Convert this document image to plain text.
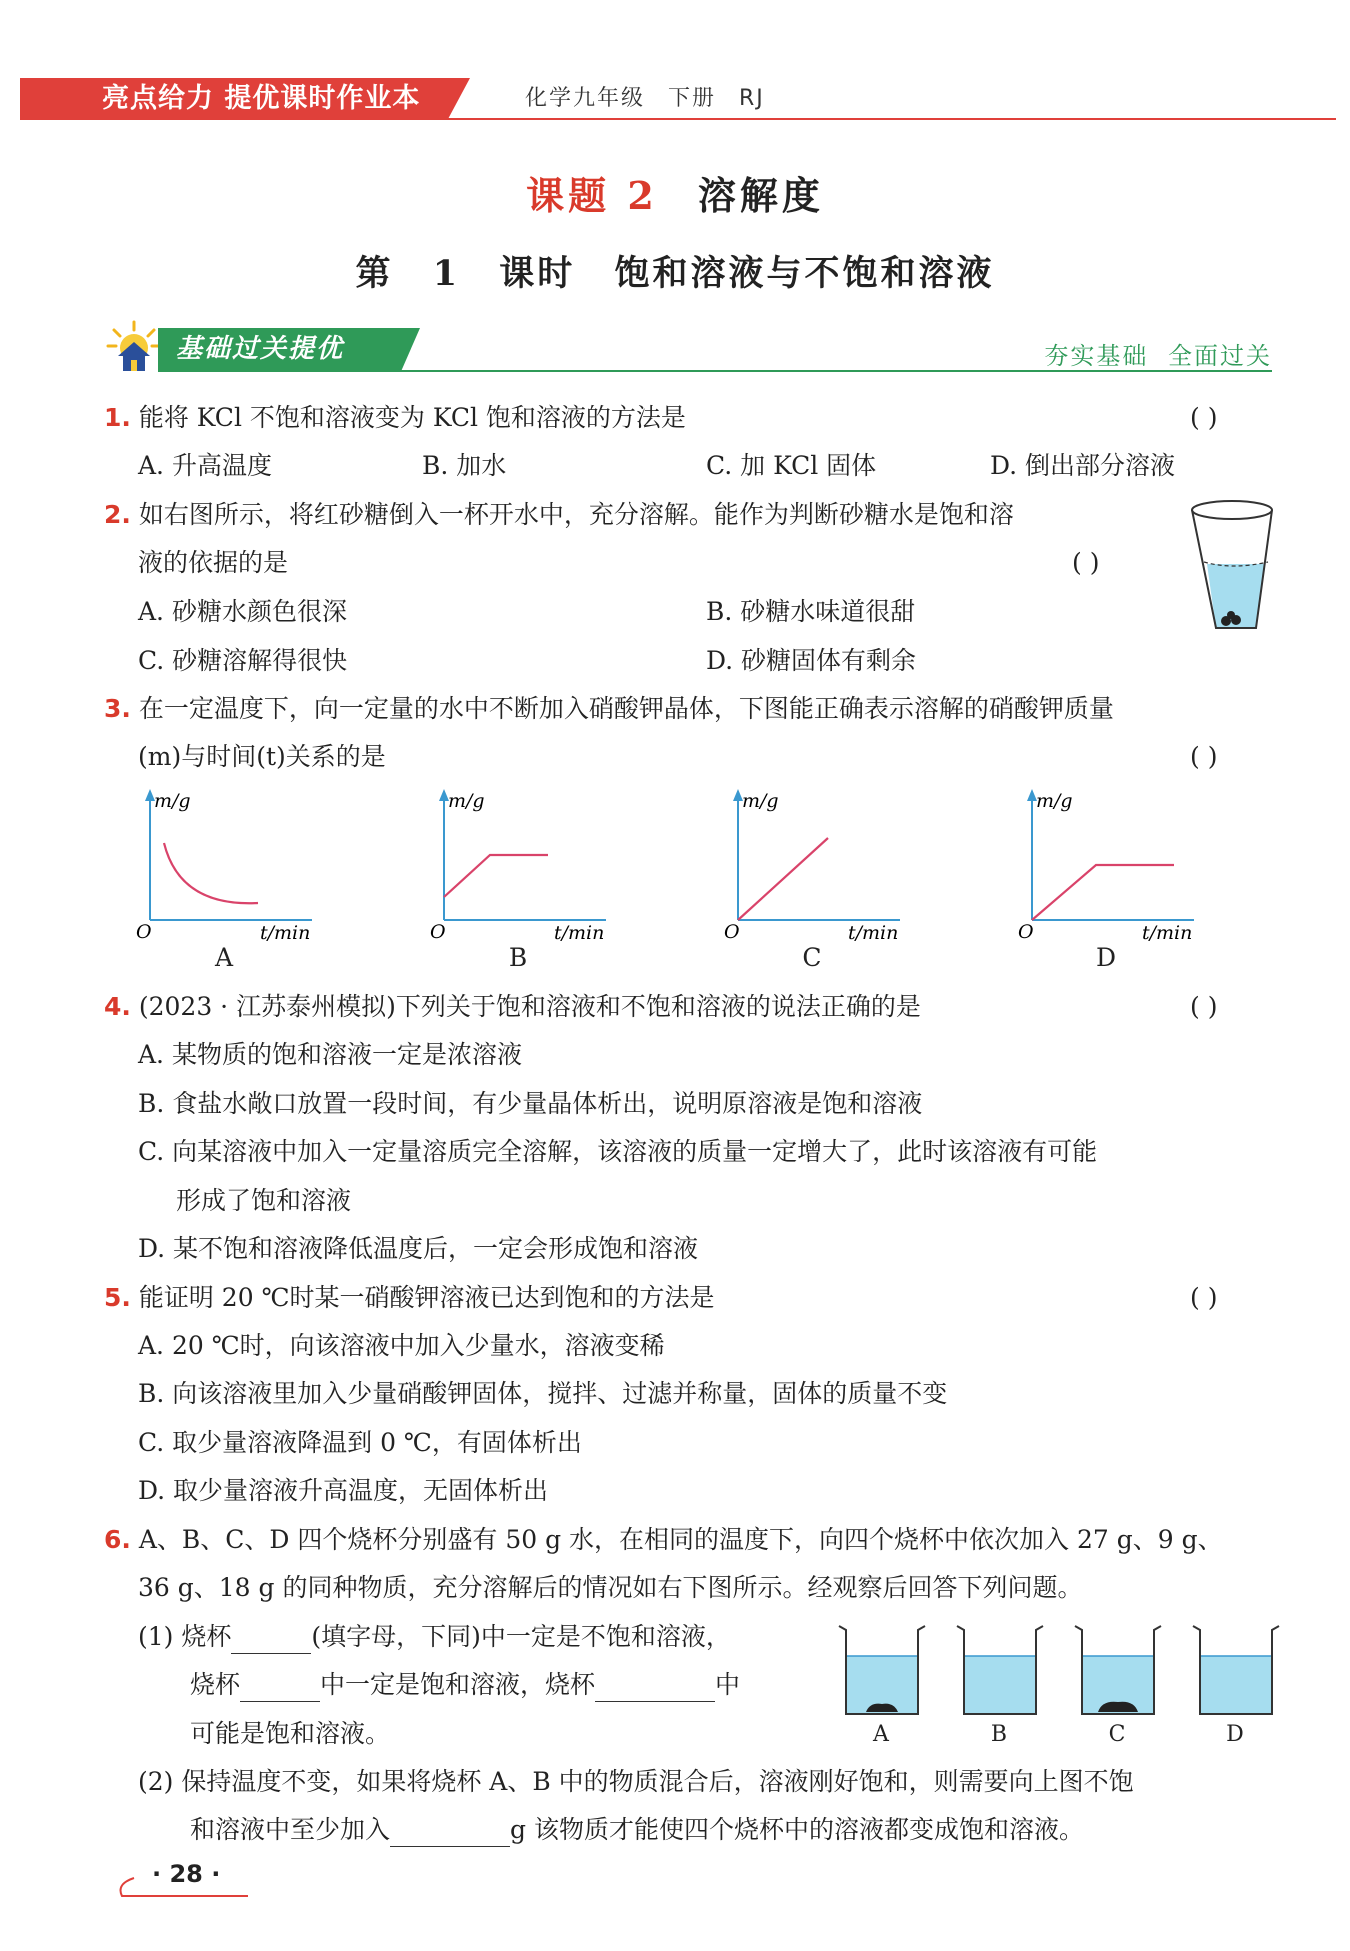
亮点给力 提优课时作业本	化学九年级 下册 RJ
课题 2 溶解度
第 1 课时 饱和溶液与不饱和溶液
基础过关提优	夯实基础 全面过关
1. 能将 KCl 不饱和溶液变为 KCl 饱和溶液的方法是	( )
A. 升高温度	B. 加水	C. 加 KCl 固体	D. 倒出部分溶液
2. 如右图所示，将红砂糖倒入一杯开水中，充分溶解。能作为判断砂糖水是饱和溶
液的依据的是	( )
A. 砂糖水颜色很深	B. 砂糖水味道很甜
C. 砂糖溶解得很快	D. 砂糖固体有剩余
3. 在一定温度下，向一定量的水中不断加入硝酸钾晶体，下图能正确表示溶解的硝酸钾质量
(m)与时间(t)关系的是	( )
m/g
O	t/min
A
m/g
O	t/min
B
m/g
O	t/min
C
m/g
O	t/min
D
4. (2023 · 江苏泰州模拟)下列关于饱和溶液和不饱和溶液的说法正确的是	( )
A. 某物质的饱和溶液一定是浓溶液
B. 食盐水敞口放置一段时间，有少量晶体析出，说明原溶液是饱和溶液
C. 向某溶液中加入一定量溶质完全溶解，该溶液的质量一定增大了，此时该溶液有可能
形成了饱和溶液
D. 某不饱和溶液降低温度后，一定会形成饱和溶液
5. 能证明 20 ℃时某一硝酸钾溶液已达到饱和的方法是	( )
A. 20 ℃时，向该溶液中加入少量水，溶液变稀
B. 向该溶液里加入少量硝酸钾固体，搅拌、过滤并称量，固体的质量不变
C. 取少量溶液降温到 0 ℃，有固体析出
D. 取少量溶液升高温度，无固体析出
6. A、B、C、D 四个烧杯分别盛有 50 g 水，在相同的温度下，向四个烧杯中依次加入 27 g、9 g、
36 g、18 g 的同种物质，充分溶解后的情况如右下图所示。经观察后回答下列问题。
(1) 烧杯	(填字母，下同)中一定是不饱和溶液，
烧杯	中一定是饱和溶液，烧杯	中
可能是饱和溶液。
(2) 保持温度不变，如果将烧杯 A、B 中的物质混合后，溶液刚好饱和，则需要向上图不饱
和溶液中至少加入	g 该物质才能使四个烧杯中的溶液都变成饱和溶液。
A	B	C	D
· 28 ·
